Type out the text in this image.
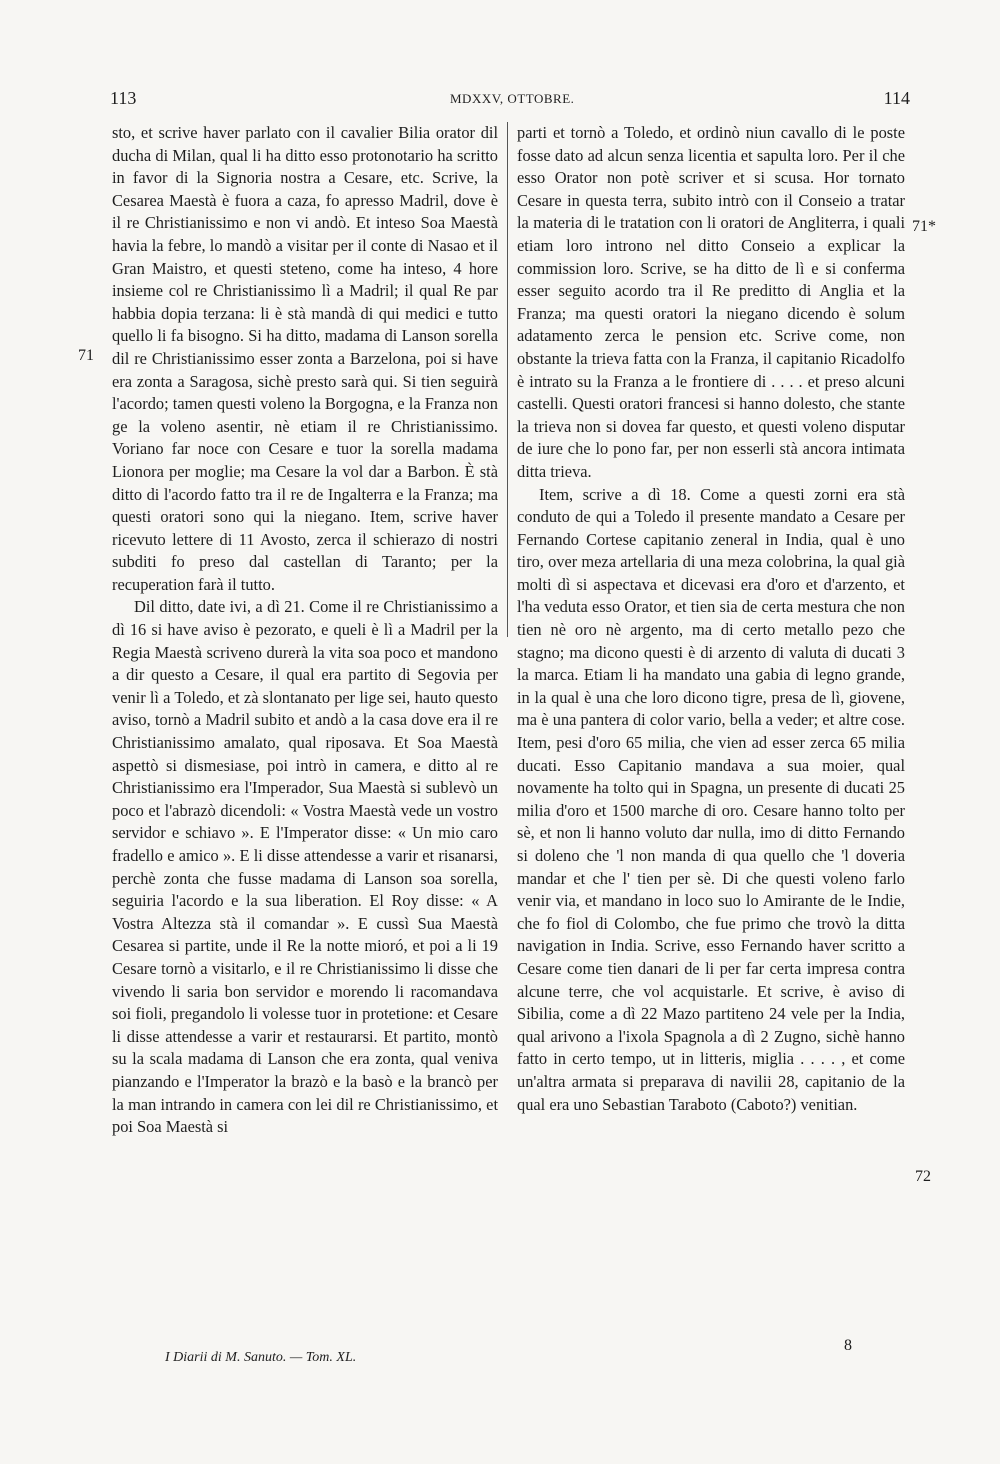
113	MDXXV, OTTOBRE.	114

sto, et scrive haver parlato con il cavalier Bilia orator dil ducha di Milan, qual li ha ditto esso protonotario ha scritto in favor di la Signoria nostra a Cesare, etc. Scrive, la Cesarea Maestà è fuora a caza, fo apresso Madril, dove è il re Christianissimo e non vi andò. Et inteso Soa Maestà havia la febre, lo mandò a visitar per il conte di Nasao et il Gran Maistro, et questi steteno, come ha inteso, 4 hore insieme col re Christianissimo lì a Madril; il qual Re par habbia dopia terzana: li è stà mandà di qui medici e tutto quello li fa bisogno. Si ha ditto, madama di Lanson sorella dil re Christianissimo esser zonta a Barzelona, poi si have era zonta a Saragosa, sichè presto sarà qui. Si tien seguirà l'acordo; tamen questi voleno la Borgogna, e la Franza non ge la voleno asentir, nè etiam il re Christianissimo. Voriano far noce con Cesare e tuor la sorella madama Lionora per moglie; ma Cesare la vol dar a Barbon. È stà ditto di l'acordo fatto tra il re de Ingalterra e la Franza; ma questi oratori sono qui la niegano. Item, scrive haver ricevuto lettere di 11 Avosto, zerca il schierazo di nostri subditi fo preso dal castellan di Taranto; per la recuperation farà il tutto.

Dil ditto, date ivi, a dì 21. Come il re Christianissimo a dì 16 si have aviso è pezorato, e queli è lì a Madril per la Regia Maestà scriveno durerà la vita soa poco et mandono a dir questo a Cesare, il qual era partito di Segovia per venir lì a Toledo, et zà slontanato per lige sei, hauto questo aviso, tornò a Madril subito et andò a la casa dove era il re Christianissimo amalato, qual riposava. Et Soa Maestà aspettò si dismesiase, poi intrò in camera, e ditto al re Christianissimo era l'Imperador, Sua Maestà si sublevò un poco et l'abrazò dicendoli: « Vostra Maestà vede un vostro servidor e schiavo ». E l'Imperator disse: « Un mio caro fradello e amico ». E li disse attendesse a varir et risanarsi, perchè zonta che fusse madama di Lanson soa sorella, seguiria l'acordo e la sua liberation. El Roy disse: « A Vostra Altezza stà il comandar ». E cussì Sua Maestà Cesarea si partite, unde il Re la notte mioró, et poi a li 19 Cesare tornò a visitarlo, e il re Christianissimo li disse che vivendo li saria bon servidor e morendo li racomandava soi fioli, pregandolo li volesse tuor in protetione: et Cesare li disse attendesse a varir et restaurarsi. Et partito, montò su la scala madama di Lanson che era zonta, qual veniva pianzando e l'Imperator la brazò e la basò e la brancò per la man intrando in camera con lei dil re Christianissimo, et poi Soa Maestà si

parti et tornò a Toledo, et ordinò niun cavallo di le poste fosse dato ad alcun senza licentia et sapulta loro. Per il che esso Orator non potè scriver et si scusa. Hor tornato Cesare in questa terra, subito intrò con il Conseio a tratar la materia di le tratation con li oratori de Angliterra, i quali etiam loro introno nel ditto Conseio a explicar la commission loro. Scrive, se ha ditto de lì e si conferma esser seguito acordo tra il Re preditto di Anglia et la Franza; ma questi oratori la niegano dicendo è solum adatamento zerca le pension etc. Scrive come, non obstante la trieva fatta con la Franza, il capitanio Ricadolfo è intrato su la Franza a le frontiere di . . . . et preso alcuni castelli. Questi oratori francesi si hanno dolesto, che stante la trieva non si dovea far questo, et questi voleno disputar de iure che lo pono far, per non esserli stà ancora intimata ditta trieva.

Item, scrive a dì 18. Come a questi zorni era stà conduto de qui a Toledo il presente mandato a Cesare per Fernando Cortese capitanio zeneral in India, qual è uno tiro, over meza artellaria di una meza colobrina, la qual già molti dì si aspectava et dicevasi era d'oro et d'arzento, et l'ha veduta esso Orator, et tien sia de certa mestura che non tien nè oro nè argento, ma di certo metallo pezo che stagno; ma dicono questi è di arzento di valuta di ducati 3 la marca. Etiam li ha mandato una gabia di legno grande, in la qual è una che loro dicono tigre, presa de lì, giovene, ma è una pantera di color vario, bella a veder; et altre cose. Item, pesi d'oro 65 milia, che vien ad esser zerca 65 milia ducati. Esso Capitanio mandava a sua moier, qual novamente ha tolto qui in Spagna, un presente di ducati 25 milia d'oro et 1500 marche di oro. Cesare hanno tolto per sè, et non li hanno voluto dar nulla, imo di ditto Fernando si doleno che 'l non manda di qua quello che 'l doveria mandar et che l' tien per sè. Di che questi voleno farlo venir via, et mandano in loco suo lo Amirante de le Indie, che fo fiol di Colombo, che fue primo che trovò la ditta navigation in India. Scrive, esso Fernando haver scritto a Cesare come tien danari de li per far certa impresa contra alcune terre, che vol acquistarle. Et scrive, è aviso di Sibilia, come a dì 22 Mazo partiteno 24 vele per la India, qual arivono a l'ixola Spagnola a dì 2 Zugno, sichè hanno fatto in certo tempo, ut in litteris, miglia . . . . , et come un'altra armata si preparava di navilii 28, capitanio de la qual era uno Sebastian Taraboto (Caboto?) venitian.

71
71*
72
I Diarii di M. Sanuto. — Tom. XL.
8
